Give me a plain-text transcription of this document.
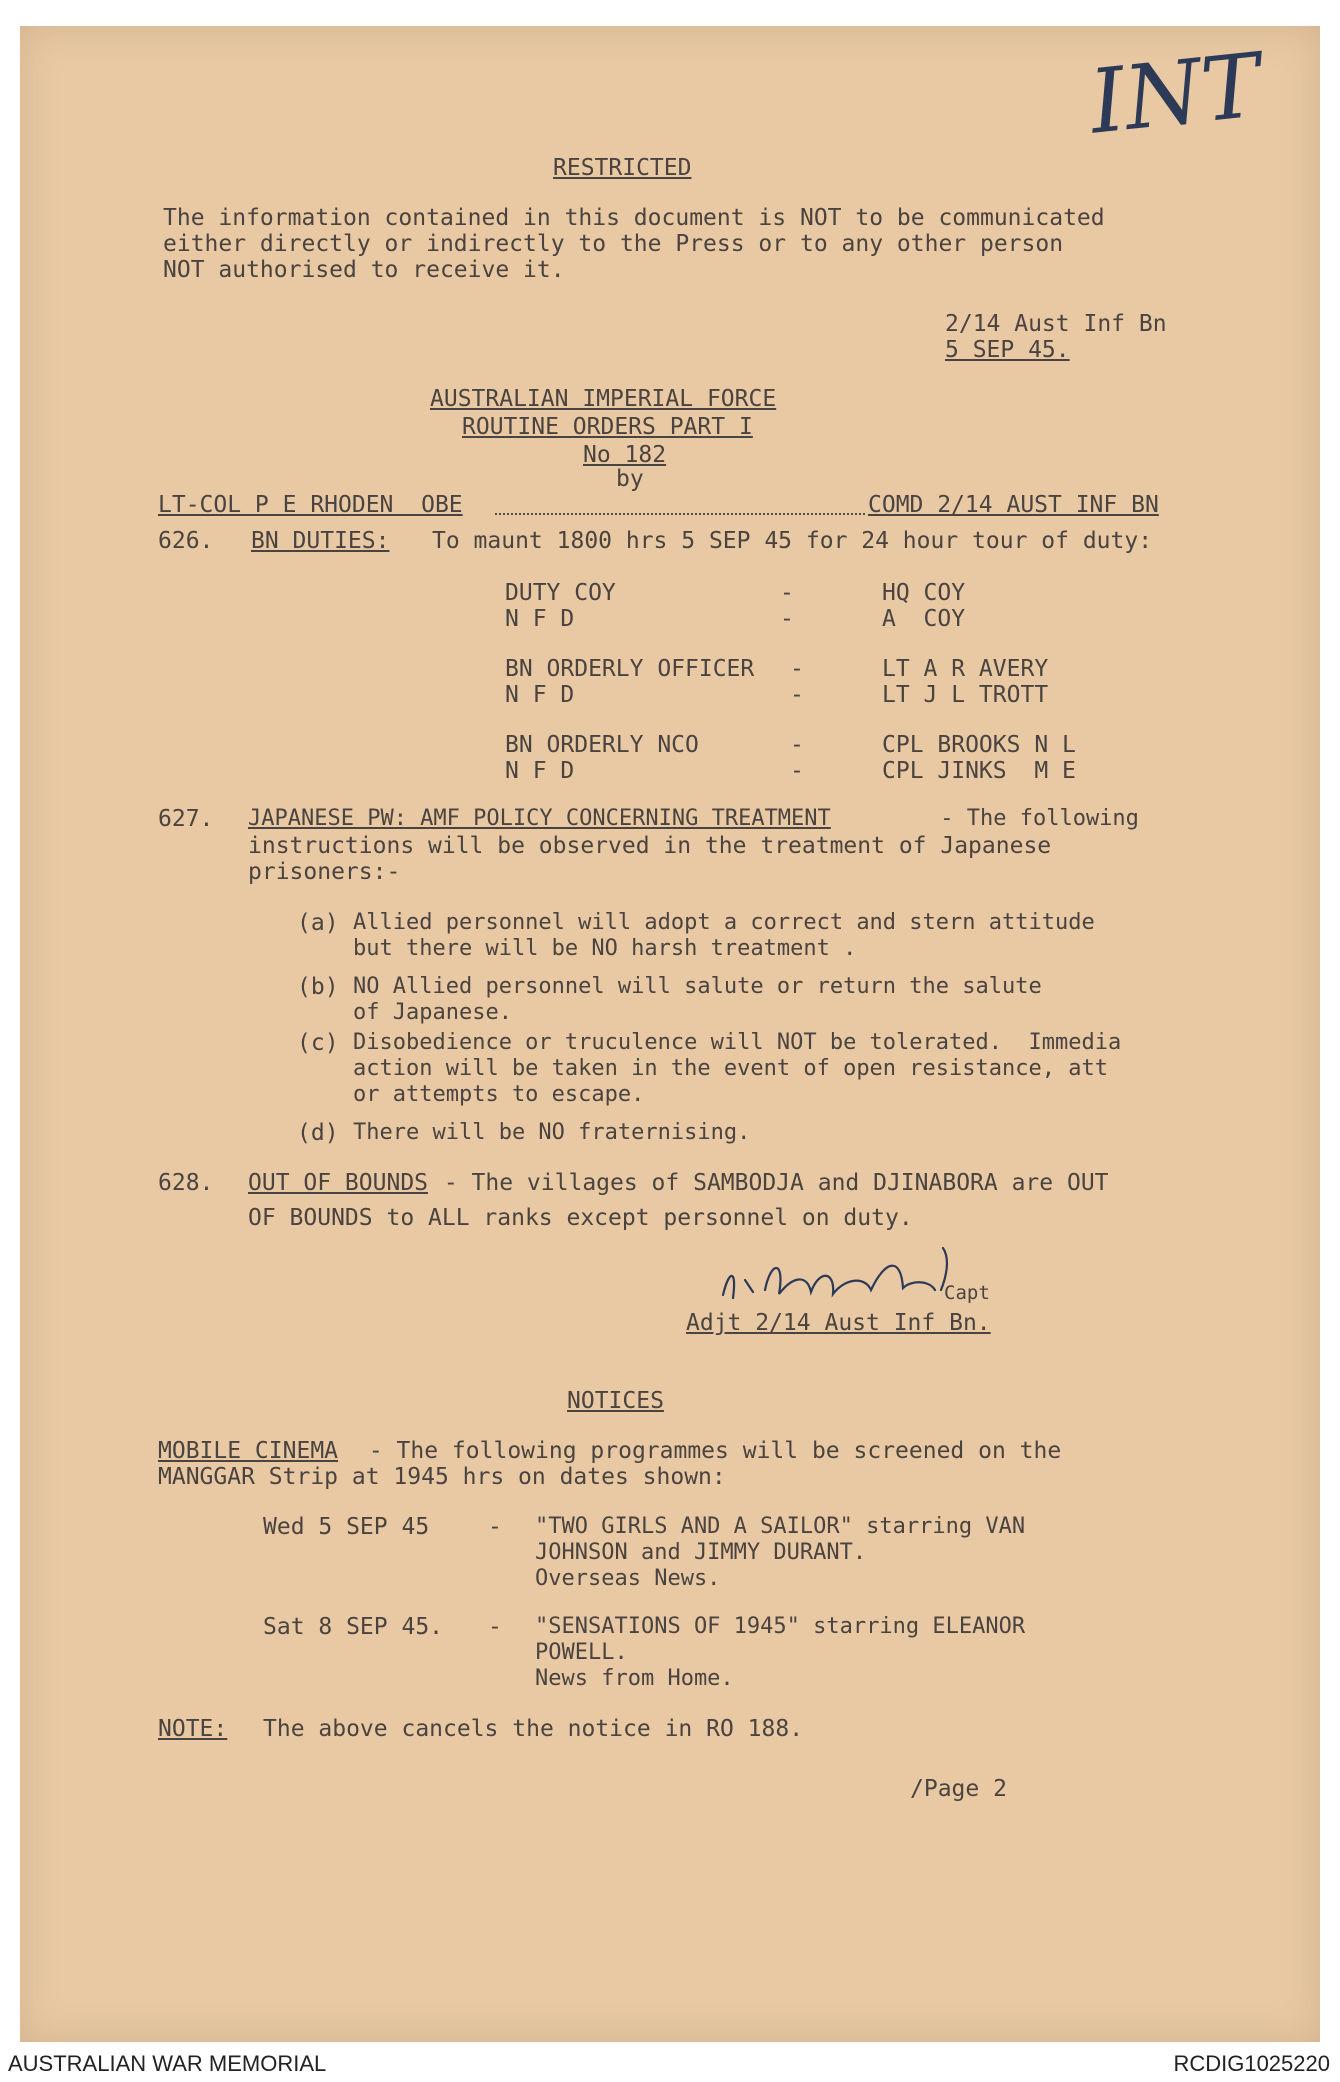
INT
RESTRICTED
The information contained in this document is NOT to be communicated
either directly or indirectly to the Press or to any other person
NOT authorised to receive it.
2/14 Aust Inf Bn
5 SEP 45.
AUSTRALIAN IMPERIAL FORCE
ROUTINE ORDERS PART I
No 182
by
LT-COL P E RHODEN  OBE	COMD 2/14 AUST INF BN
626. BN DUTIES: To maunt 1800 hrs 5 SEP 45 for 24 hour tour of duty:
DUTY COY	-	HQ COY
N F D	-	A  COY
BN ORDERLY OFFICER -	LT A R AVERY
N F D	-	LT J L TROTT
BN ORDERLY NCO	-	CPL BROOKS N L
N F D	-	CPL JINKS  M E
627. JAPANESE PW: AMF POLICY CONCERNING TREATMENT	- The following
instructions will be observed in the treatment of Japanese
prisoners:-
(a) Allied personnel will adopt a correct and stern attitude
but there will be NO harsh treatment .
(b) NO Allied personnel will salute or return the salute
of Japanese.
(c) Disobedience or truculence will NOT be tolerated.  Immedia
action will be taken in the event of open resistance, att
or attempts to escape.
(d) There will be NO fraternising.
628. OUT OF BOUNDS - The villages of SAMBODJA and DJINABORA are OUT
OF BOUNDS to ALL ranks except personnel on duty.
Capt
Adjt 2/14 Aust Inf Bn.
NOTICES
MOBILE CINEMA - The following programmes will be screened on the
MANGGAR Strip at 1945 hrs on dates shown:
Wed 5 SEP 45	- "TWO GIRLS AND A SAILOR" starring VAN
JOHNSON and JIMMY DURANT.
Overseas News.
Sat 8 SEP 45. - "SENSATIONS OF 1945" starring ELEANOR
POWELL.
News from Home.
NOTE: The above cancels the notice in RO 188.
/Page 2
AUSTRALIAN WAR MEMORIAL	RCDIG1025220
